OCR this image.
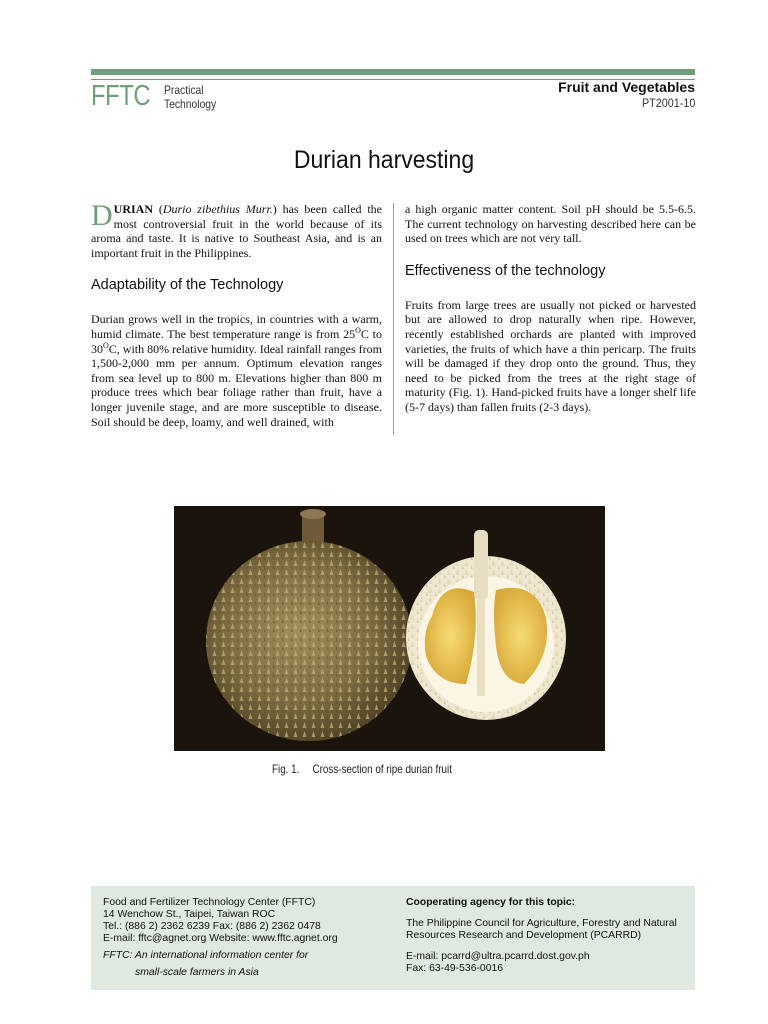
FFTC Practical
Technology
Fruit and Vegetables
PT2001-10
Durian harvesting

DURIAN (Durio zibethius Murr.) has been called the most controversial fruit in the world because of its aroma and taste. It is native to Southeast Asia, and is an important fruit in the Philippines.

Adaptability of the Technology

Durian grows well in the tropics, in countries with a warm, humid climate. The best temperature range is from $25^OC$ to $30^OC$, with 80% relative humidity. Ideal rainfall ranges from 1,500-2,000 mm per annum. Optimum elevation ranges from sea level up to 800 m. Elevations higher than 800 m produce trees which bear foliage rather than fruit, have a longer juvenile stage, and are more susceptible to disease. Soil should be deep, loamy, and well drained, with

a high organic matter content. Soil pH should be 5.5-6.5. The current technology on harvesting described here can be used on trees which are not very tall.

Effectiveness of the technology

Fruits from large trees are usually not picked or harvested but are allowed to drop naturally when ripe. However, recently established orchards are planted with improved varieties, the fruits of which have a thin pericarp. The fruits will be damaged if they drop onto the ground. Thus, they need to be picked from the trees at the right stage of maturity (Fig. 1). Hand-picked fruits have a longer shelf life (5-7 days) than fallen fruits (2-3 days).

Fig. 1. Cross-section of ripe durian fruit
Food and Fertilizer Technology Center (FFTC)
14 Wenchow St., Taipei, Taiwan ROC
Tel.: (886 2) 2362 6239 Fax: (886 2) 2362 0478
E-mail: fftc@agnet.org Website: www.fftc.agnet.org
FFTC: An international information center for
small-scale farmers in Asia
Cooperating agency for this topic:
The Philippine Council for Agriculture, Forestry and Natural Resources Research and Development (PCARRD)
E-mail: pcarrd@ultra.pcarrd.dost.gov.ph
Fax: 63-49-536-0016
